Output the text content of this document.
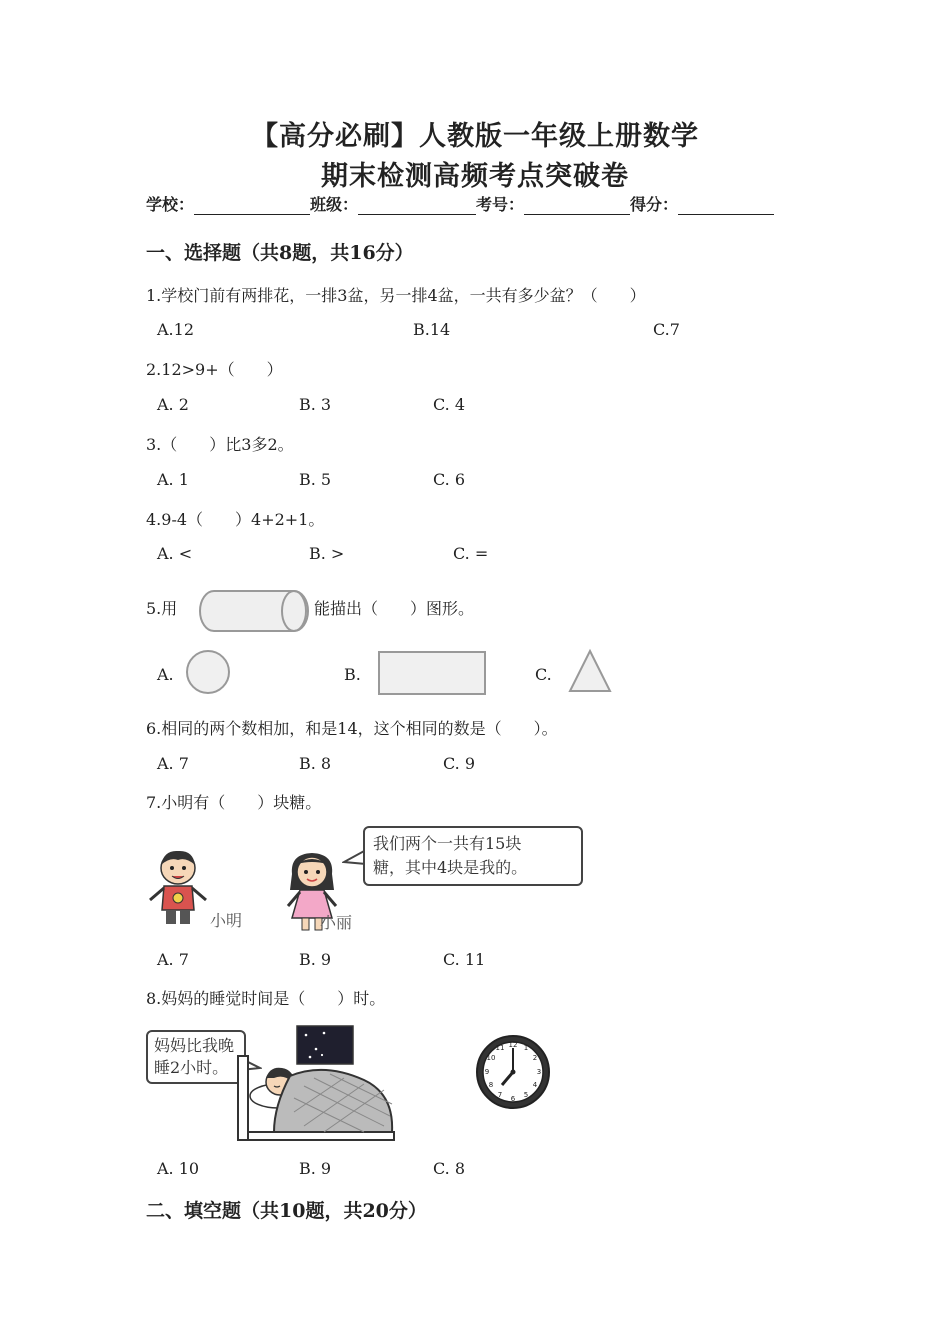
【高分必刷】人教版一年级上册数学
期末检测高频考点突破卷
学校：	班级：	考号：	得分：
一、选择题（共8题，共16分）
1.学校门前有两排花，一排3盆，另一排4盆，一共有多少盆？（　　）
A.12	B.14	C.7
2.12>9+（　　）
A. 2	B. 3	C. 4
3.（　　）比3多2。
A. 1	B. 5	C. 6
4.9-4（　　）4+2+1。
A. <	B. >	C. =
5.用	能描出（　　）图形。
A.	B.	C.
6.相同的两个数相加，和是14，这个相同的数是（　　）。
A. 7	B. 8	C. 9
7.小明有（　　）块糖。
小明	小丽
我们两个一共有15块
糖，其中4块是我的。
A. 7	B. 9	C. 11
8.妈妈的睡觉时间是（　　）时。
妈妈比我晚
睡2小时。
12 1
2
3
4
5
6
7
8
9
10
11
A. 10	B. 9	C. 8
二、填空题（共10题，共20分）
